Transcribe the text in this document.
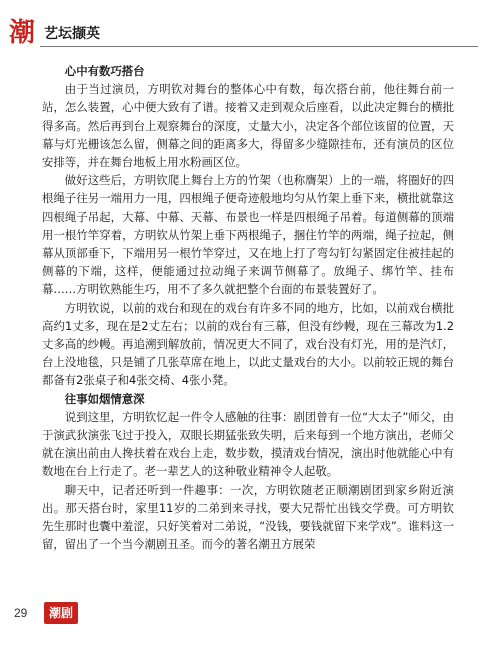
潮 艺坛撷英

心中有数巧搭台

由于当过演员，方明钦对舞台的整体心中有数，每次搭台前，他往舞台前一站，怎么装置，心中便大致有了谱。接着又走到观众后座看，以此决定舞台的横批得多高。然后再到台上观察舞台的深度，丈量大小，决定各个部位该留的位置，天幕与灯光栅该怎么留，侧幕之间的距离多大，得留多少缝隙挂布，还有演员的区位安排等，并在舞台地板上用水粉画区位。

做好这些后，方明钦爬上舞台上方的竹架（也称膺架）上的一端，将圈好的四根绳子往另一端用力一甩，四根绳子便奇迹般地均匀从竹架上垂下来，横批就靠这四根绳子吊起，大幕、中幕、天幕、布景也一样是四根绳子吊着。每道侧幕的顶端用一根竹竿穿着，方明钦从竹架上垂下两根绳子，捆住竹竿的两端，绳子拉起，侧幕从顶部垂下，下端用另一根竹竿穿过，又在地上打了弯勾钉勾紧固定住被挂起的侧幕的下端，这样，便能通过拉动绳子来调节侧幕了。放绳子、绑竹竿、挂布幕……方明钦熟能生巧，用不了多久就把整个台面的布景装置好了。

方明钦说，以前的戏台和现在的戏台有许多不同的地方，比如，以前戏台横批高约1丈多，现在是2丈左右；以前的戏台有三幕，但没有纱幔，现在三幕改为1.2丈多高的纱幔。再追溯到解放前，情况更大不同了，戏台没有灯光，用的是汽灯，台上没地毯，只是铺了几张草席在地上，以此丈量戏台的大小。以前较正规的舞台都备有2张桌子和4张交椅、4张小凳。

往事如烟情意深

说到这里，方明钦忆起一件令人感触的往事：剧团曾有一位“大太子”师父，由于演武狄演张飞过于投入，双眼长期猛张致失明，后来每到一个地方演出，老师父就在演出前由人搀扶着在戏台上走，数步数，摸清戏台情况，演出时他就能心中有数地在台上行走了。老一辈艺人的这种敬业精神令人起敬。

聊天中，记者还听到一件趣事：一次，方明钦随老正顺潮剧团到家乡附近演出。那天搭台时，家里11岁的二弟到来寻找，要大兄帮忙出钱交学费。可方明钦先生那时也囊中羞涩，只好笑着对二弟说，“没钱，要钱就留下来学戏”。谁料这一留，留出了一个当今潮剧丑圣。而今的著名潮丑方展荣

29	潮剧
